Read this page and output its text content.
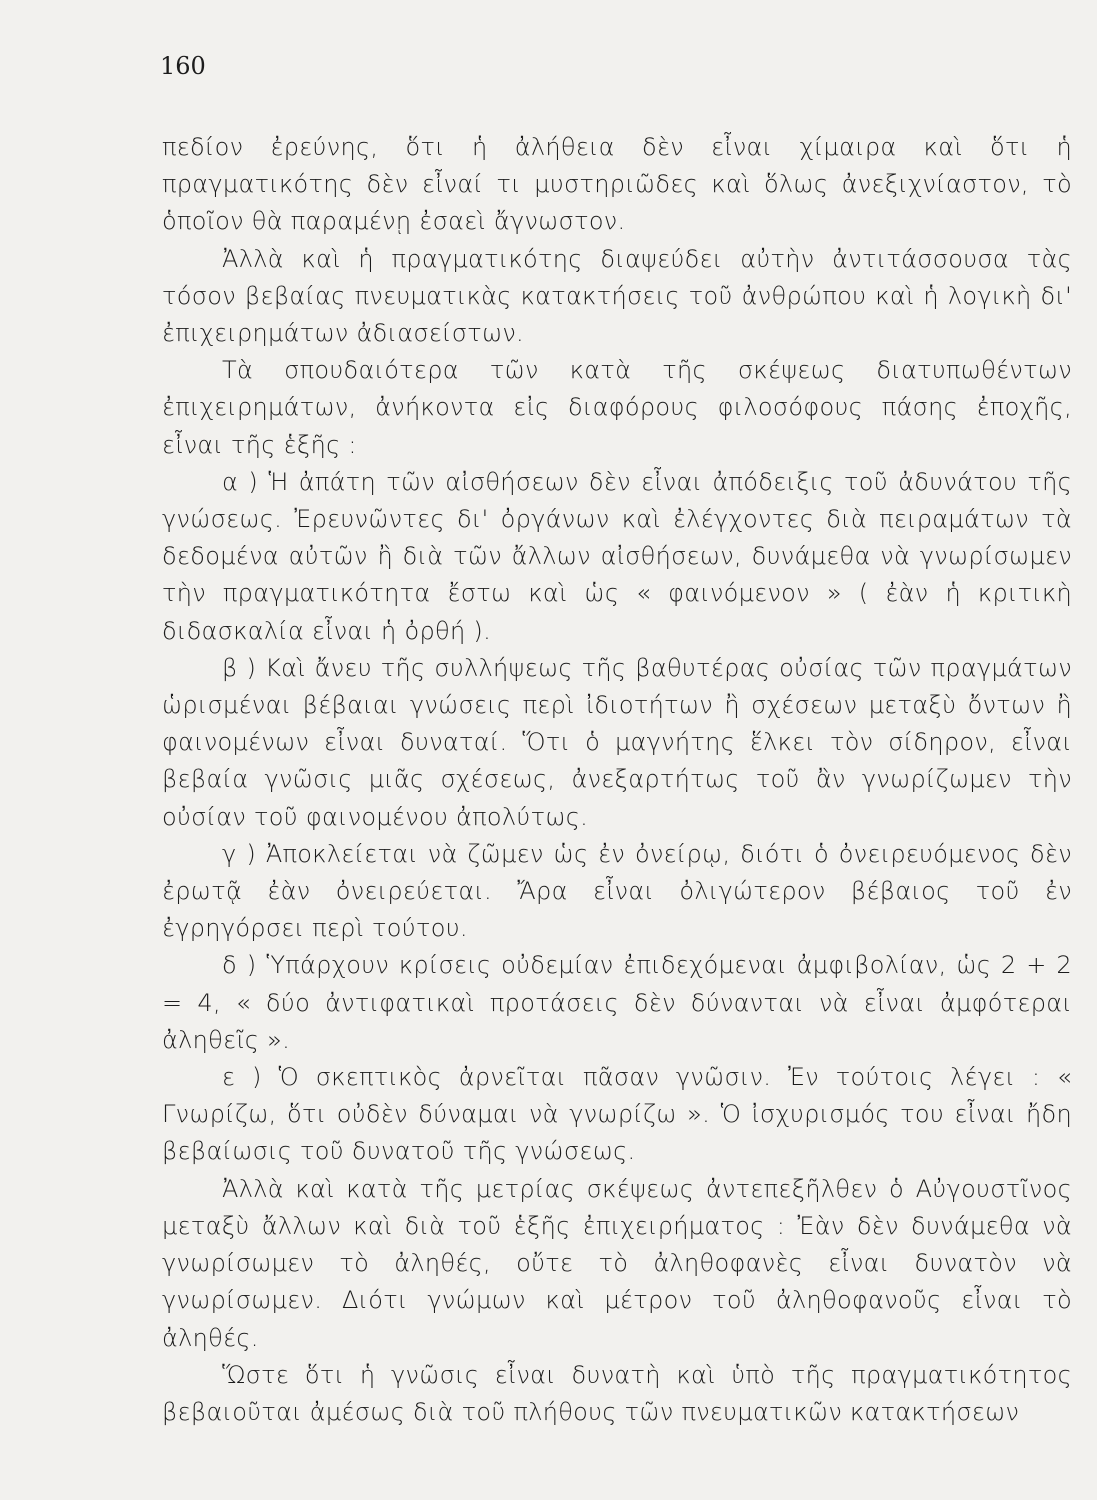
160

πεδίον ἐρεύνης, ὅτι ἡ ἀλήθεια δὲν εἶναι χίμαιρα καὶ ὅτι ἡ πραγματικότης δὲν εἶναί τι μυστηριῶδες καὶ ὅλως ἀνεξιχνίαστον, τὸ ὁποῖον θὰ παραμένῃ ἐσαεὶ ἄγνωστον.

Ἀλλὰ καὶ ἡ πραγματικότης διαψεύδει αὐτὴν ἀντιτάσσουσα τὰς τόσον βεβαίας πνευματικὰς κατακτήσεις τοῦ ἀνθρώπου καὶ ἡ λογικὴ δι' ἐπιχειρημάτων ἀδιασείστων.

Τὰ σπουδαιότερα τῶν κατὰ τῆς σκέψεως διατυπωθέντων ἐπιχειρημάτων, ἀνήκοντα εἰς διαφόρους φιλοσόφους πάσης ἐποχῆς, εἶναι τῆς ἑξῆς :

α ) Ἡ ἀπάτη τῶν αἰσθήσεων δὲν εἶναι ἀπόδειξις τοῦ ἀδυνάτου τῆς γνώσεως. Ἐρευνῶντες δι' ὀργάνων καὶ ἐλέγχοντες διὰ πειραμάτων τὰ δεδομένα αὐτῶν ἢ διὰ τῶν ἄλλων αἰσθήσεων, δυνάμεθα νὰ γνωρίσωμεν τὴν πραγματικότητα ἔστω καὶ ὡς « φαινόμενον » ( ἐὰν ἡ κριτικὴ διδασκαλία εἶναι ἡ ὀρθή ).

β ) Καὶ ἄνευ τῆς συλλήψεως τῆς βαθυτέρας οὐσίας τῶν πραγμάτων ὡρισμέναι βέβαιαι γνώσεις περὶ ἰδιοτήτων ἢ σχέσεων μεταξὺ ὄντων ἢ φαινομένων εἶναι δυναταί. Ὅτι ὁ μαγνήτης ἕλκει τὸν σίδηρον, εἶναι βεβαία γνῶσις μιᾶς σχέσεως, ἀνεξαρτήτως τοῦ ἂν γνωρίζωμεν τὴν οὐσίαν τοῦ φαινομένου ἀπολύτως.

γ ) Ἀποκλείεται νὰ ζῶμεν ὡς ἐν ὀνείρῳ, διότι ὁ ὀνειρευόμενος δὲν ἐρωτᾷ ἐὰν ὀνειρεύεται. Ἄρα εἶναι ὀλιγώτερον βέβαιος τοῦ ἐν ἐγρηγόρσει περὶ τούτου.

δ ) Ὑπάρχουν κρίσεις οὐδεμίαν ἐπιδεχόμεναι ἀμφιβολίαν, ὡς 2 + 2 = 4, « δύο ἀντιφατικαὶ προτάσεις δὲν δύνανται νὰ εἶναι ἀμφότεραι ἀληθεῖς ».

ε ) Ὁ σκεπτικὸς ἀρνεῖται πᾶσαν γνῶσιν. Ἐν τούτοις λέγει : « Γνωρίζω, ὅτι οὐδὲν δύναμαι νὰ γνωρίζω ». Ὁ ἰσχυρισμός του εἶναι ἤδη βεβαίωσις τοῦ δυνατοῦ τῆς γνώσεως.

Ἀλλὰ καὶ κατὰ τῆς μετρίας σκέψεως ἀντεπεξῆλθεν ὁ Αὐγουστῖνος μεταξὺ ἄλλων καὶ διὰ τοῦ ἑξῆς ἐπιχειρήματος : Ἐὰν δὲν δυνάμεθα νὰ γνωρίσωμεν τὸ ἀληθές, οὔτε τὸ ἀληθοφανὲς εἶναι δυνατὸν νὰ γνωρίσωμεν. Διότι γνώμων καὶ μέτρον τοῦ ἀληθοφανοῦς εἶναι τὸ ἀληθές.

Ὥστε ὅτι ἡ γνῶσις εἶναι δυνατὴ καὶ ὑπὸ τῆς πραγματικότητος βεβαιοῦται ἀμέσως διὰ τοῦ πλήθους τῶν πνευματικῶν κατακτήσεων
